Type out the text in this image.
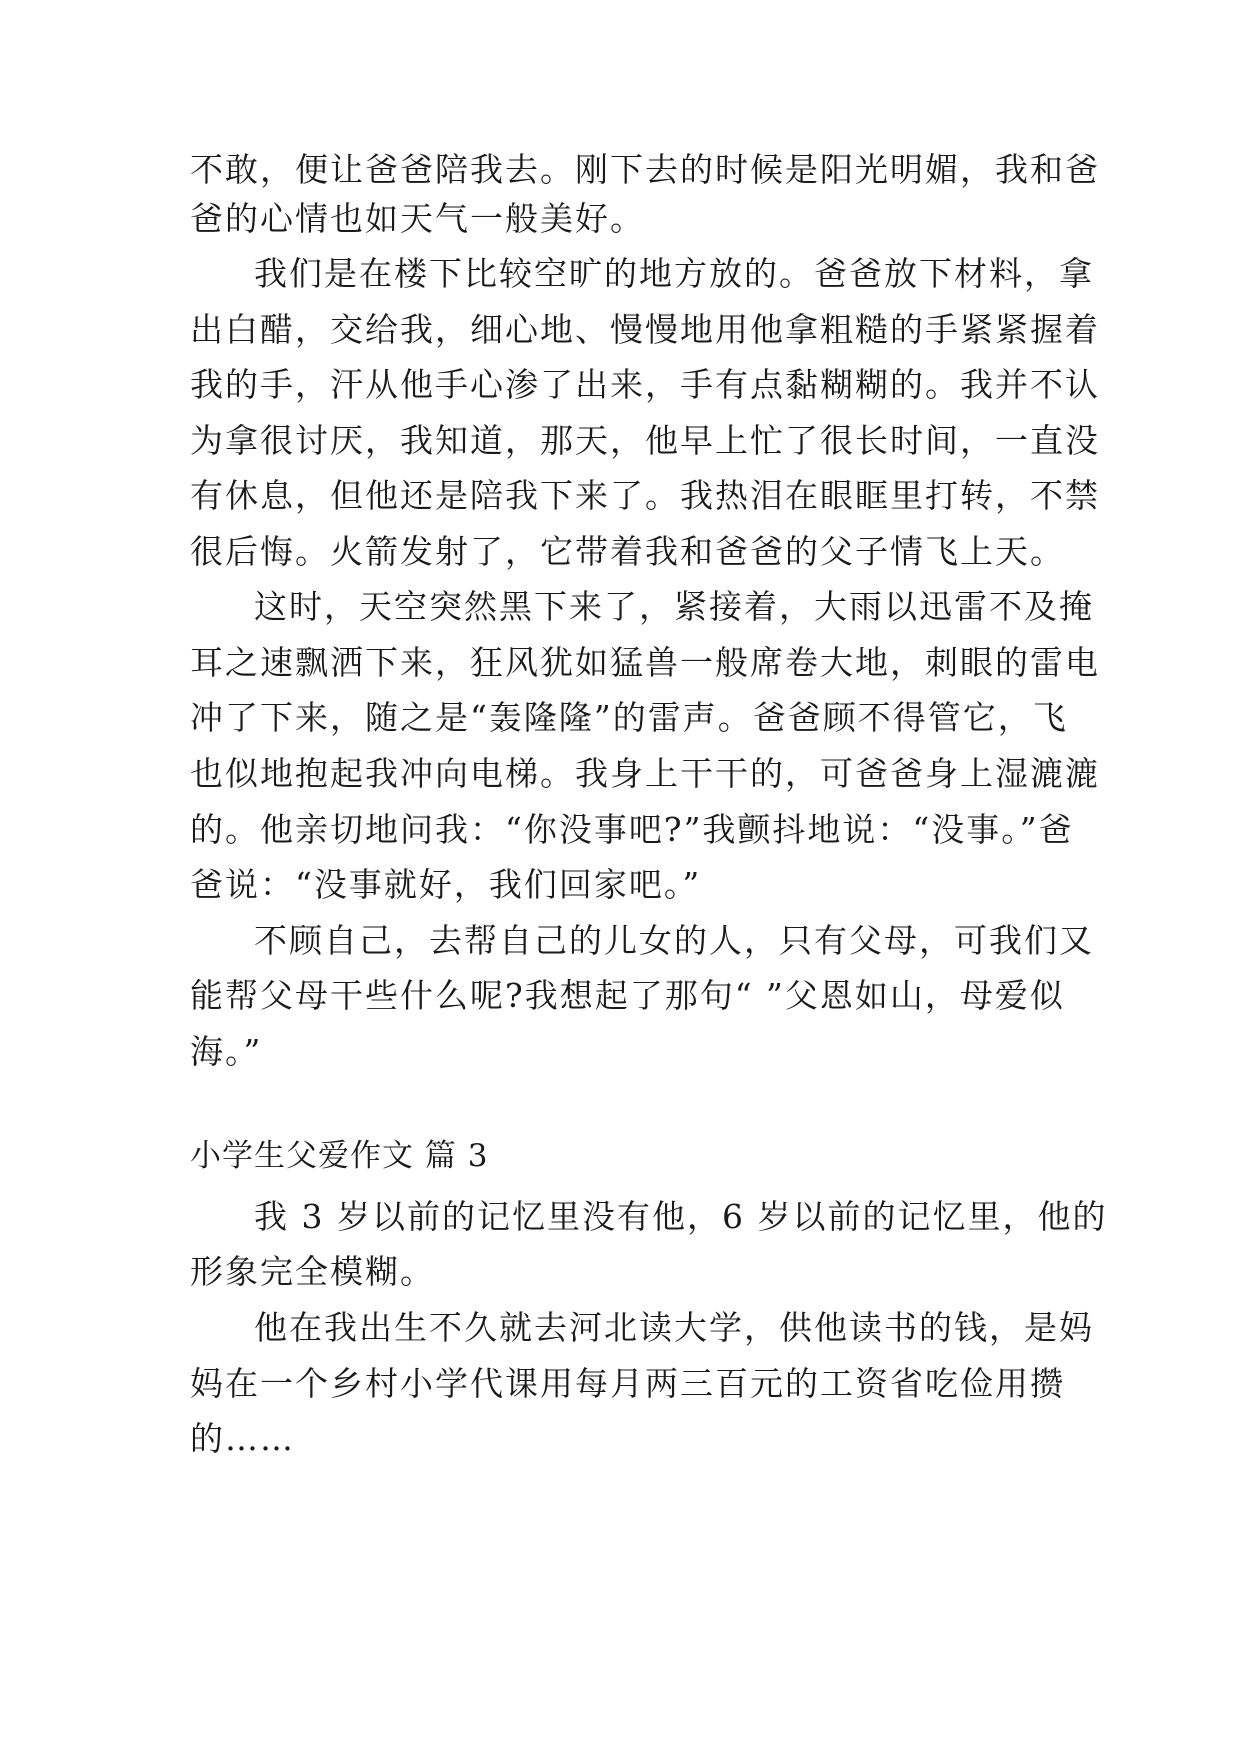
不敢，便让爸爸陪我去。刚下去的时候是阳光明媚，我和爸
爸的心情也如天气一般美好。
我们是在楼下比较空旷的地方放的。爸爸放下材料，拿
出白醋，交给我，细心地、慢慢地用他拿粗糙的手紧紧握着
我的手，汗从他手心渗了出来，手有点黏糊糊的。我并不认
为拿很讨厌，我知道，那天，他早上忙了很长时间，一直没
有休息，但他还是陪我下来了。我热泪在眼眶里打转，不禁
很后悔。火箭发射了，它带着我和爸爸的父子情飞上天。
这时，天空突然黑下来了，紧接着，大雨以迅雷不及掩
耳之速飘洒下来，狂风犹如猛兽一般席卷大地，刺眼的雷电
冲了下来，随之是“轰隆隆”的雷声。爸爸顾不得管它，飞
也似地抱起我冲向电梯。我身上干干的，可爸爸身上湿漉漉
的。他亲切地问我：“你没事吧?”我颤抖地说：“没事。”爸
爸说：“没事就好，我们回家吧。”
不顾自己，去帮自己的儿女的人，只有父母，可我们又
能帮父母干些什么呢?我想起了那句“ ”父恩如山，母爱似
海。”
小学生父爱作文 篇 3
我 3 岁以前的记忆里没有他，6 岁以前的记忆里，他的
形象完全模糊。
他在我出生不久就去河北读大学，供他读书的钱，是妈
妈在一个乡村小学代课用每月两三百元的工资省吃俭用攒
的……
